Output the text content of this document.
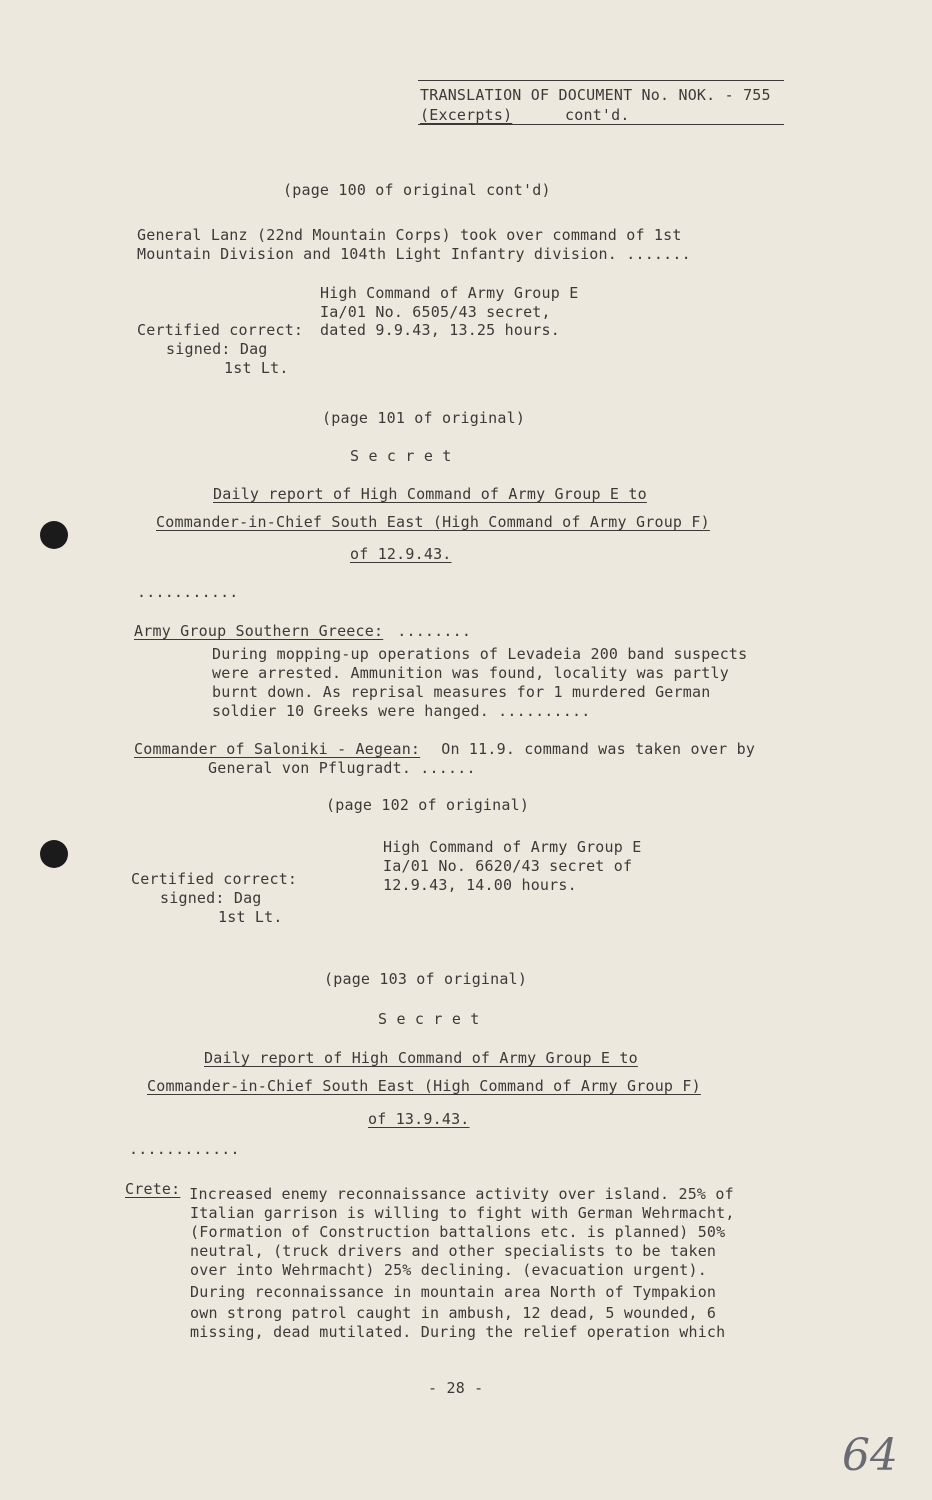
TRANSLATION OF DOCUMENT No. NOK. - 755
(Excerpts)	cont'd.
(page 100 of original cont'd)
General Lanz (22nd Mountain Corps) took over command of 1st
Mountain Division and 104th Light Infantry division. .......
High Command of Army Group E
Ia/01 No. 6505/43 secret,
Certified correct: dated 9.9.43, 13.25 hours.
signed: Dag
1st Lt.
(page 101 of original)
S e c r e t
Daily report of High Command of Army Group E to
Commander-in-Chief South East (High Command of Army Group F)
of 12.9.43.
...........
Army Group Southern Greece: ........
During mopping-up operations of Levadeia 200 band suspects
were arrested. Ammunition was found, locality was partly
burnt down. As reprisal measures for 1 murdered German
soldier 10 Greeks were hanged. ..........
Commander of Saloniki - Aegean: On 11.9. command was taken over by
General von Pflugradt. ......
(page 102 of original)
High Command of Army Group E
Ia/01 No. 6620/43 secret of
Certified correct:	12.9.43, 14.00 hours.
signed: Dag
1st Lt.
(page 103 of original)
S e c r e t
Daily report of High Command of Army Group E to
Commander-in-Chief South East (High Command of Army Group F)
of 13.9.43.
............
Crete: Increased enemy reconnaissance activity over island. 25% of
Italian garrison is willing to fight with German Wehrmacht,
(Formation of Construction battalions etc. is planned) 50%
neutral, (truck drivers and other specialists to be taken
over into Wehrmacht) 25% declining. (evacuation urgent).
During reconnaissance in mountain area North of Tympakion
own strong patrol caught in ambush, 12 dead, 5 wounded, 6
missing, dead mutilated. During the relief operation which
- 28 -
64
